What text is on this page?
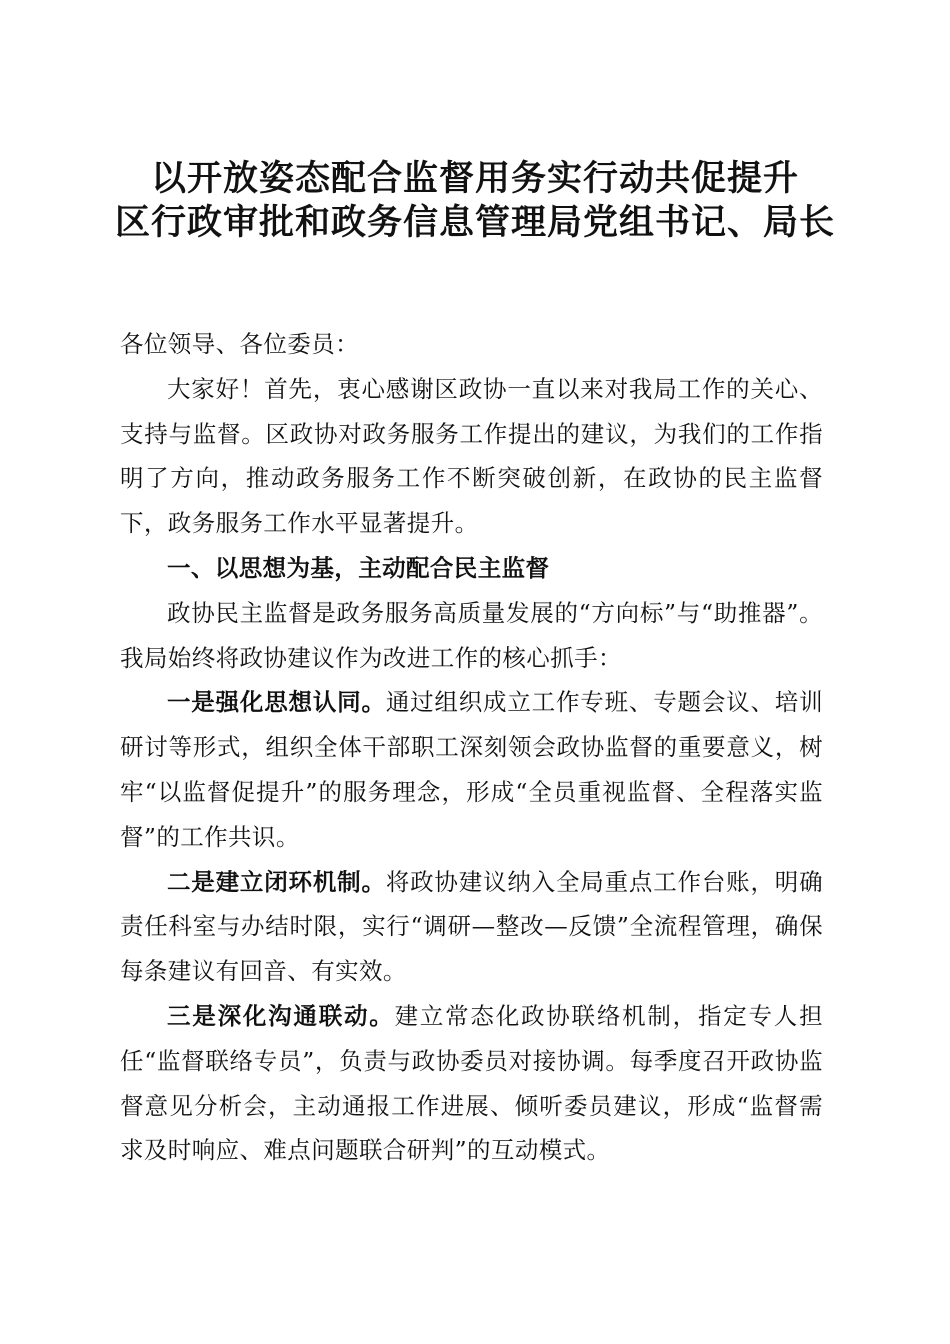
以开放姿态配合监督用务实行动共促提升
区行政审批和政务信息管理局党组书记、局长

各位领导、各位委员：

大家好！首先，衷心感谢区政协一直以来对我局工作的关心、支持与监督。区政协对政务服务工作提出的建议，为我们的工作指明了方向，推动政务服务工作不断突破创新，在政协的民主监督下，政务服务工作水平显著提升。

一、以思想为基，主动配合民主监督

政协民主监督是政务服务高质量发展的“方向标”与“助推器”。我局始终将政协建议作为改进工作的核心抓手：

一是强化思想认同。通过组织成立工作专班、专题会议、培训研讨等形式，组织全体干部职工深刻领会政协监督的重要意义，树牢“以监督促提升”的服务理念，形成“全员重视监督、全程落实监督”的工作共识。

二是建立闭环机制。将政协建议纳入全局重点工作台账，明确责任科室与办结时限，实行“调研—整改—反馈”全流程管理，确保每条建议有回音、有实效。

三是深化沟通联动。建立常态化政协联络机制，指定专人担任“监督联络专员”，负责与政协委员对接协调。每季度召开政协监督意见分析会，主动通报工作进展、倾听委员建议，形成“监督需求及时响应、难点问题联合研判”的互动模式。
